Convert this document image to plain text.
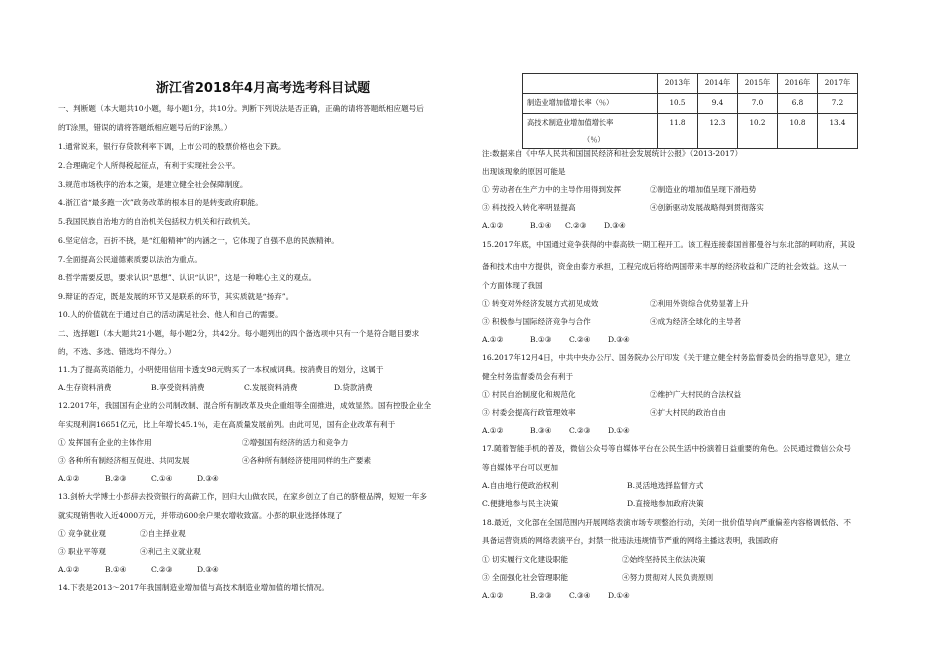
浙江省2018年4月高考选考科目试题
一、判断题（本大题共10小题，每小题1分，共10分。判断下列说法是否正确，正确的请将答题纸相应题号后
的T涂黑，错误的请将答题纸相应题号后的F涂黑。）
1.通常说来，银行存贷款利率下调，上市公司的股票价格也会下跌。
2.合理确定个人所得税起征点，有利于实现社会公平。
3.规范市场秩序的治本之策，是建立健全社会保障制度。
4.浙江省“最多跑一次”政务改革的根本目的是转变政府职能。
5.我国民族自治地方的自治机关包括权力机关和行政机关。
6.坚定信念，百折不挠，是“红船精神”的内涵之一，它体现了自强不息的民族精神。
7.全面提高公民道德素质要以法治为重点。
8.哲学需要反思，要求认识“思想”、认识“认识”，这是一种唯心主义的观点。
9.辩证的否定，既是发展的环节又是联系的环节，其实质就是“扬弃”。
10.人的价值就在于通过自己的活动满足社会、他人和自己的需要。
二、选择题Ⅰ（本大题共21小题，每小题2分，共42分。每小题列出的四个备选项中只有一个是符合题目要求
的，不选、多选、错选均不得分。）
11.为了提高英语能力，小明使用信用卡透支98元购买了一本权威词典。按消费目的划分，这属于
A.生存资料消费	B.享受资料消费	C.发展资料消费	D.贷款消费
12.2017年，我国国有企业的公司制改制、混合所有制改革及央企重组等全面推进，成效显然。国有控股企业全
年实现利润16651亿元，比上年增长45.1％，走在高质量发展前列。由此可见，国有企业改革有利于
① 发挥国有企业的主体作用	②增强国有经济的活力和竞争力
③ 各种所有制经济相互促进、共同发展	④各种所有制经济使用同样的生产要素
A.①②	B.②③	C.①④	D.③④
13.剑桥大学博士小彭辞去投资银行的高薪工作，回归大山做农民，在家乡创立了自己的脐橙品牌，短短一年多
就实现销售收入近4000万元，并带动600余户果农增收致富。小彭的职业选择体现了
① 竞争就业观	②自主择业观
③ 职业平等观	④利己主义就业观
A.①②	B.①④	C.②③	D.③④
14.下表是2013～2017年我国制造业增加值与高技术制造业增加值的增长情况。
	2013年	2014年	2015年	2016年	2017年
制造业增加值增长率（％）	10.5	9.4	7.0	6.8	7.2

高技术制造业增加值增长率
（％）	11.8	12.3	10.2	10.8	13.4
注:数据来自《中华人民共和国国民经济和社会发展统计公报》（2013-2017）
出现该现象的原因可能是
① 劳动者在生产力中的主导作用得到发挥	②制造业的增加值呈现下滑趋势
③ 科技投入转化率明显提高	④创新驱动发展战略得到贯彻落实
A.①②	B.①④ C.②③ D.③④
15.2017年底，中国通过竞争获得的中泰高铁一期工程开工。该工程连接泰国首都曼谷与东北部的呵叻府，其设
备和技术由中方提供，资金由泰方承担，工程完成后将给两国带来丰厚的经济收益和广泛的社会效益。这从一
个方面体现了我国
① 转变对外经济发展方式初见成效	②利用外资综合优势显著上升
③ 积极参与国际经济竞争与合作	④成为经济全球化的主导者
A.①②	B.①③ C.②④ D.③④
16.2017年12月4日，中共中央办公厅、国务院办公厅印发《关于建立健全村务监督委员会的指导意见》，建立
健全村务监督委员会有利于
① 村民自治制度化和规范化	②维护广大村民的合法权益
③ 村委会提高行政管理效率	④扩大村民的政治自由
A.①②	B.③④ C.②③ D.①④
17.随着智能手机的普及，微信公众号等自媒体平台在公民生活中扮演着日益重要的角色。公民通过微信公众号
等自媒体平台可以更加
A.自由地行使政治权利	B.灵活地选择监督方式
C.便捷地参与民主决策	D.直接地参加政府决策
18.最近，文化部在全国范围内开展网络表演市场专项整治行动，关闭一批价值导向严重偏差内容格调低俗、不
具备运营资质的网络表演平台，封禁一批违法违规情节严重的网络主播这表明，我国政府
① 切实履行文化建设职能	②始终坚持民主依法决策
③ 全面强化社会管理职能	④努力贯彻对人民负责原则
A.①②	B.②③ C.③④ D.①④
